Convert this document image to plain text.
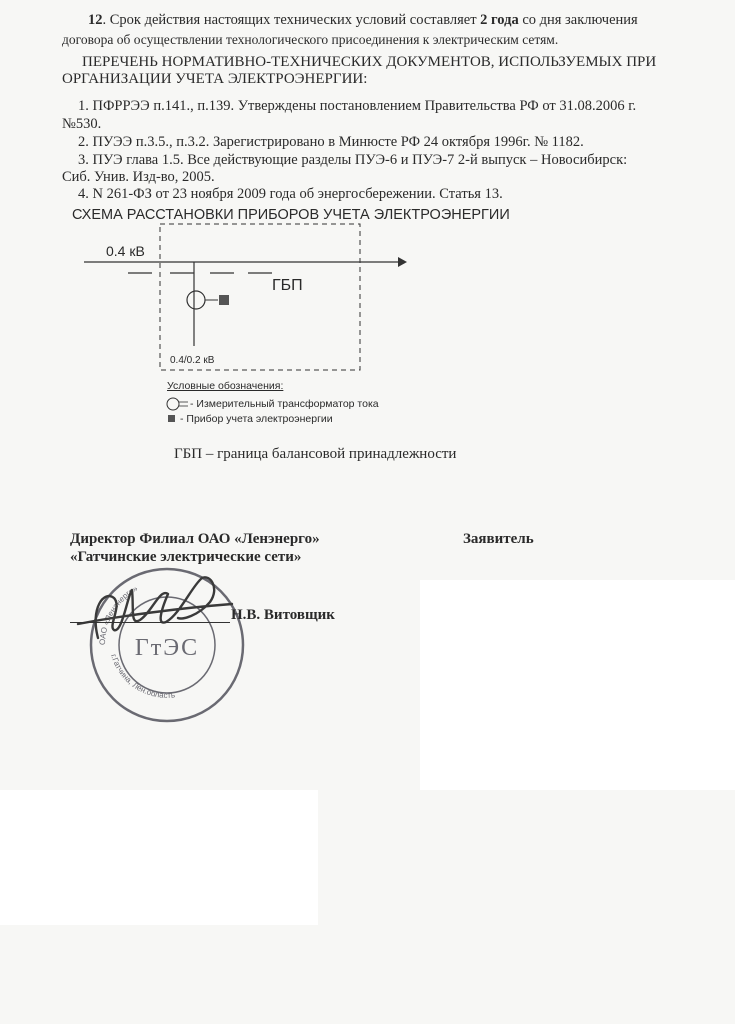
12. Срок действия настоящих технических условий составляет 2 года со дня заключения
договора об осуществлении технологического присоединения к электрическим сетям.
ПЕРЕЧЕНЬ НОРМАТИВНО-ТЕХНИЧЕСКИХ ДОКУМЕНТОВ, ИСПОЛЬЗУЕМЫХ ПРИ
ОРГАНИЗАЦИИ УЧЕТА ЭЛЕКТРОЭНЕРГИИ:
1. ПФРРЭЭ п.141., п.139. Утверждены постановлением Правительства РФ от 31.08.2006 г.
№530.
2. ПУЭЭ п.3.5., п.3.2. Зарегистрировано в Минюсте РФ 24 октября 1996г. № 1182.
3. ПУЭ глава 1.5. Все действующие разделы ПУЭ-6 и ПУЭ-7 2-й выпуск – Новосибирск:
Сиб. Унив. Изд-во, 2005.
4. N 261-ФЗ от 23 ноября 2009 года об энергосбережении. Статья 13.
СХЕМА РАССТАНОВКИ ПРИБОРОВ УЧЕТА ЭЛЕКТРОЭНЕРГИИ
0.4 кВ
ГБП
0.4/0.2 кВ
Условные обозначения:
- Измерительный трансформатор тока
- Прибор учета электроэнергии
ГБП – граница балансовой принадлежности
Директор Филиал ОАО «Ленэнерго»
«Гатчинские электрические сети»
Заявитель
ОАО «Ленэнерго»
г.Гатчина, Лен.область
ГтЭС
Н.В. Витовщик
